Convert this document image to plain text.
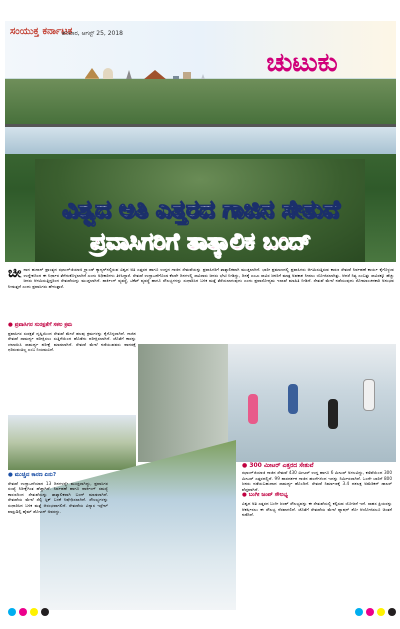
ಸಂಯುಕ್ತ ಕರ್ನಾಟಕ
ಶನಿವಾರ, ಆಗಸ್ಟ್ 25, 2018
ಚುಟುಕು
ವಿಶ್ವದ ಅತಿ ಎತ್ತರದ ಗಾಜಿನ ಸೇತುವೆ
ಪ್ರವಾಸಿಗರಿಗೆ ತಾತ್ಕಾಲಿಕ ಬಂದ್
ಚೀ ನಾದ ಹುನಾನ್ ಪ್ರಾಂತ್ಯದ ಝಾಂಗ್‌ಜಿಯಾಜಿ ಗ್ರ್ಯಾಂಡ್ ಕ್ಯಾನ್ಯನ್‌ನಲ್ಲಿರುವ ವಿಶ್ವದ ಅತಿ ಎತ್ತರದ ಹಾಗೂ ಉದ್ದದ ಗಾಜಿನ ಸೇತುವೆಯನ್ನು ಪ್ರವಾಸಿಗರಿಗೆ ತಾತ್ಕಾಲಿಕವಾಗಿ ಮುಚ್ಚಲಾಗಿದೆ. ಭಾರೀ ಪ್ರಮಾಣದಲ್ಲಿ ಪ್ರವಾಸಿಗರು ಆಗಮಿಸುತ್ತಿರುವ ಕಾರಣ ಸೇತುವೆ ನಿರ್ವಹಣೆ ಕಾರ್ಯ ಕೈಗೊಳ್ಳುವ ಉದ್ದೇಶದಿಂದ ಈ ನಿರ್ಧಾರ ತೆಗೆದುಕೊಳ್ಳಲಾಗಿದೆ ಎಂದು ಅಧಿಕಾರಿಗಳು ತಿಳಿಸಿದ್ದಾರೆ. ಸೇತುವೆ ಉದ್ಘಾಟನೆಗೊಂಡ ಕೆಲವೇ ದಿನಗಳಲ್ಲಿ ಸಾವಿರಾರು ಜನರು ಭೇಟಿ ನೀಡಿದ್ದು, ದಿನಕ್ಕೆ ಎಂಟು ಸಾವಿರ ಜನರಿಗೆ ಮಾತ್ರ ಅವಕಾಶ ನೀಡಲು ಯೋಜಿಸಲಾಗಿತ್ತು. ಆದರೆ ನಿತ್ಯ ಎಂಬತ್ತು ಸಾವಿರಕ್ಕೂ ಹೆಚ್ಚು ಜನರು ಆಗಮಿಸುತ್ತಿದ್ದರಿಂದ ಸೇತುವೆಯನ್ನು ಮುಚ್ಚಲಾಗಿದೆ. ಪಾರ್ಕಿಂಗ್ ವ್ಯವಸ್ಥೆ, ಟಿಕೆಟ್ ವ್ಯವಸ್ಥೆ ಹಾಗೂ ಸೌಲಭ್ಯಗಳನ್ನು ಸುಧಾರಿಸಿದ ಬಳಿಕ ಮತ್ತೆ ತೆರೆಯಲಾಗುವುದು ಎಂದು ಪ್ರವಾಸೋದ್ಯಮ ಇಲಾಖೆ ಮಾಹಿತಿ ನೀಡಿದೆ. ಸೇತುವೆ ಮೇಲೆ ನಡೆಯುವುದು ರೋಮಾಂಚನಕಾರಿ ಅನುಭವ ನೀಡುತ್ತದೆ ಎಂದು ಪ್ರವಾಸಿಗರು ಹೇಳುತ್ತಾರೆ.
● ಪ್ರವಾಸಿಗರ ಸುರಕ್ಷತೆಗೆ ಸಕಲ ಕ್ರಮ
ಪ್ರವಾಸಿಗರ ಸುರಕ್ಷತೆ ದೃಷ್ಟಿಯಿಂದ ಸೇತುವೆ ಮೇಲೆ ಹಲವು ಕ್ರಮಗಳನ್ನು ಕೈಗೊಳ್ಳಲಾಗಿದೆ. ಗಾಜಿನ ಸೇತುವೆ ಸಾಮರ್ಥ್ಯ ಪರೀಕ್ಷಿಸಲು ಸುತ್ತಿಗೆಯಿಂದ ಹೊಡೆದು ಪರೀಕ್ಷಿಸಲಾಗಿದೆ. ಜೊತೆಗೆ ಕಾರನ್ನು ಚಲಾಯಿಸಿ ಸಾಮರ್ಥ್ಯ ಪರೀಕ್ಷೆ ಮಾಡಲಾಗಿದೆ. ಸೇತುವೆ ಮೇಲೆ ನಡೆಯುವವರು ಪಾದರಕ್ಷೆ ಧರಿಸುವಂತಿಲ್ಲ ಎಂಬ ನಿಯಮವಿದೆ.
● ಮುಚ್ಚಿದ ಕಾರಣ ಏನು?
ಸೇತುವೆ ಉದ್ಘಾಟನೆಯಾದ 13 ದಿನಗಳಲ್ಲೇ ಮುಚ್ಚಲಾಗಿದ್ದು, ಪ್ರವಾಸಿಗರ ಸಂಖ್ಯೆ ನಿರೀಕ್ಷೆಗಿಂತ ಹೆಚ್ಚಾಗಿದೆ. ನಿರ್ವಹಣೆ ಹಾಗೂ ಪಾರ್ಕಿಂಗ್ ಸಮಸ್ಯೆ ಕಾರಣದಿಂದ ಸೇತುವೆಯನ್ನು ತಾತ್ಕಾಲಿಕವಾಗಿ ಬಂದ್ ಮಾಡಲಾಗಿದೆ. ಸೇತುವೆಯ ಮೇಲೆ ಸೆಲ್ಫಿ ಸ್ಟಿಕ್ ಬಳಕೆ ನಿಷೇಧಿಸಲಾಗಿದೆ. ಸೌಲಭ್ಯಗಳನ್ನು ಸುಧಾರಿಸಿದ ಬಳಿಕ ಮತ್ತೆ ಆರಂಭವಾಗಲಿದೆ. ಸೇತುವೆಯ ವಿನ್ಯಾಸ ಇಸ್ರೇಲ್ ವಾಸ್ತುಶಿಲ್ಪಿ ಹೈಮ್ ಡೋಟನ್ ಅವರದ್ದು.
● 300 ಮೀಟರ್ ಎತ್ತರದ ಸೇತುವೆ
ಝಾಂಗ್‌ಜಿಯಾಜಿ ಗಾಜಿನ ಸೇತುವೆ 430 ಮೀಟರ್ ಉದ್ದ ಹಾಗೂ 6 ಮೀಟರ್ ಅಗಲವಿದ್ದು, ಕಣಿವೆಯಿಂದ 300 ಮೀಟರ್ ಎತ್ತರದಲ್ಲಿದೆ. 99 ಪಾರದರ್ಶಕ ಗಾಜಿನ ಹಲಗೆಗಳಿಂದ ಇದನ್ನು ನಿರ್ಮಿಸಲಾಗಿದೆ. ಒಂದೇ ಬಾರಿಗೆ 800 ಜನರು ನಡೆಯಬಹುದಾದ ಸಾಮರ್ಥ್ಯ ಹೊಂದಿದೆ. ಸೇತುವೆ ನಿರ್ಮಾಣಕ್ಕೆ 3.4 ದಶಲಕ್ಷ ಅಮೆರಿಕನ್ ಡಾಲರ್ ವೆಚ್ಚವಾಗಿದೆ.
● ಬಂಗೀ ಜಂಪ್ ಸೌಲಭ್ಯ
ವಿಶ್ವದ ಅತಿ ಎತ್ತರದ ಬಂಗೀ ಜಂಪ್ ಸೌಲಭ್ಯವನ್ನು ಈ ಸೇತುವೆಯಲ್ಲಿ ಕಲ್ಪಿಸುವ ಯೋಜನೆ ಇದೆ. ಸಾಹಸ ಪ್ರಿಯರನ್ನು ಆಕರ್ಷಿಸಲು ಈ ಸೌಲಭ್ಯ ನೆರವಾಗಲಿದೆ. ಜೊತೆಗೆ ಸೇತುವೆಯ ಮೇಲೆ ಫ್ಯಾಷನ್ ಶೋ ಆಯೋಜಿಸಲೂ ಚಿಂತನೆ ನಡೆದಿದೆ.
